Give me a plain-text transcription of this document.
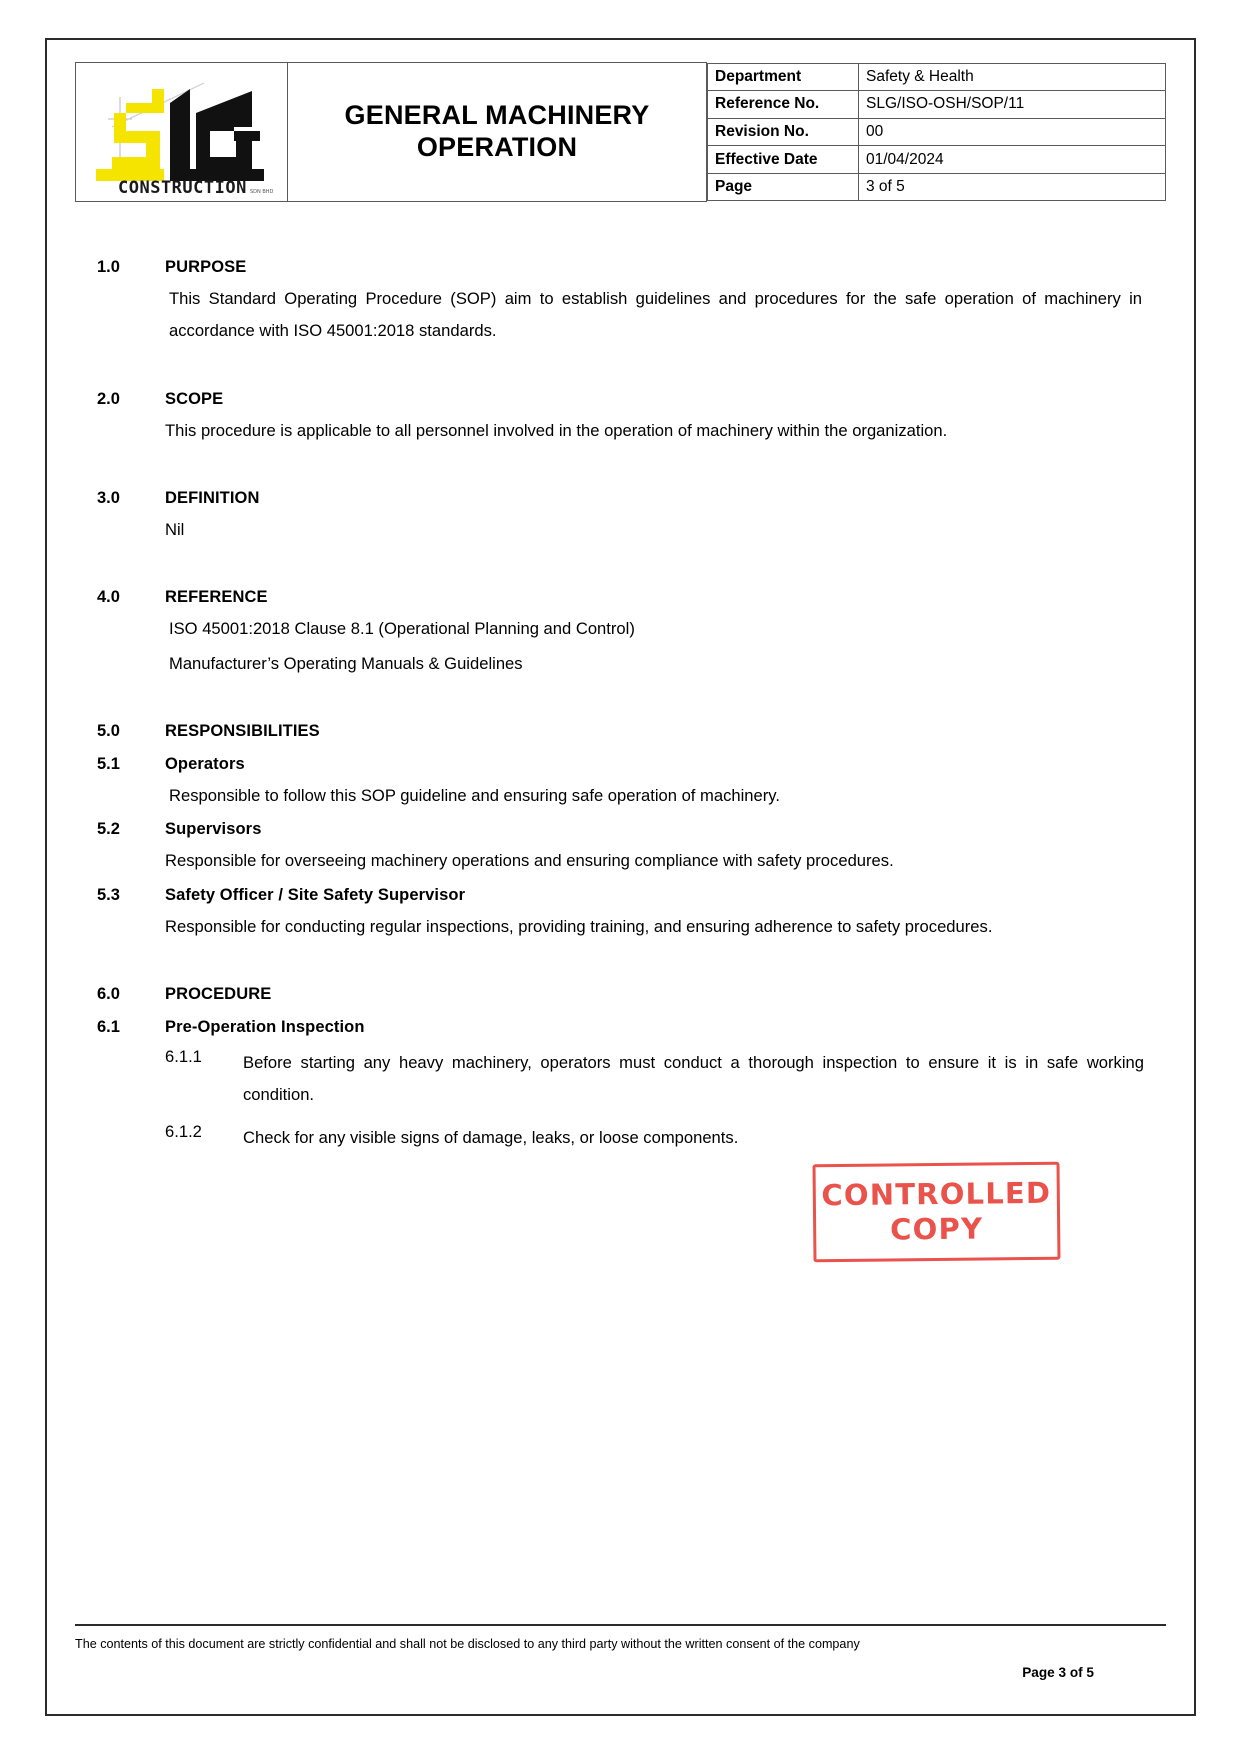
CONSTRUCTION SDN BHD

GENERAL MACHINERY
OPERATION

Department	Safety & Health
Reference No.	SLG/ISO-OSH/SOP/11
Revision No.	00
Effective Date	01/04/2024
Page	3 of 5
1.0	PURPOSE
This Standard Operating Procedure (SOP) aim to establish guidelines and procedures for the safe operation of machinery in accordance with ISO 45001:2018 standards.
2.0	SCOPE
This procedure is applicable to all personnel involved in the operation of machinery within the organization.
3.0	DEFINITION
Nil
4.0	REFERENCE
ISO 45001:2018 Clause 8.1 (Operational Planning and Control)
Manufacturer’s Operating Manuals & Guidelines
5.0	RESPONSIBILITIES
5.1	Operators
Responsible to follow this SOP guideline and ensuring safe operation of machinery.
5.2	Supervisors
Responsible for overseeing machinery operations and ensuring compliance with safety procedures.
5.3	Safety Officer / Site Safety Supervisor
Responsible for conducting regular inspections, providing training, and ensuring adherence to safety procedures.
6.0	PROCEDURE
6.1	Pre-Operation Inspection
6.1.1	Before starting any heavy machinery, operators must conduct a thorough inspection to ensure it is in safe working condition.
6.1.2	Check for any visible signs of damage, leaks, or loose components.
CONTROLLED
COPY
The contents of this document are strictly confidential and shall not be disclosed to any third party without the written consent of the company
Page 3 of 5
